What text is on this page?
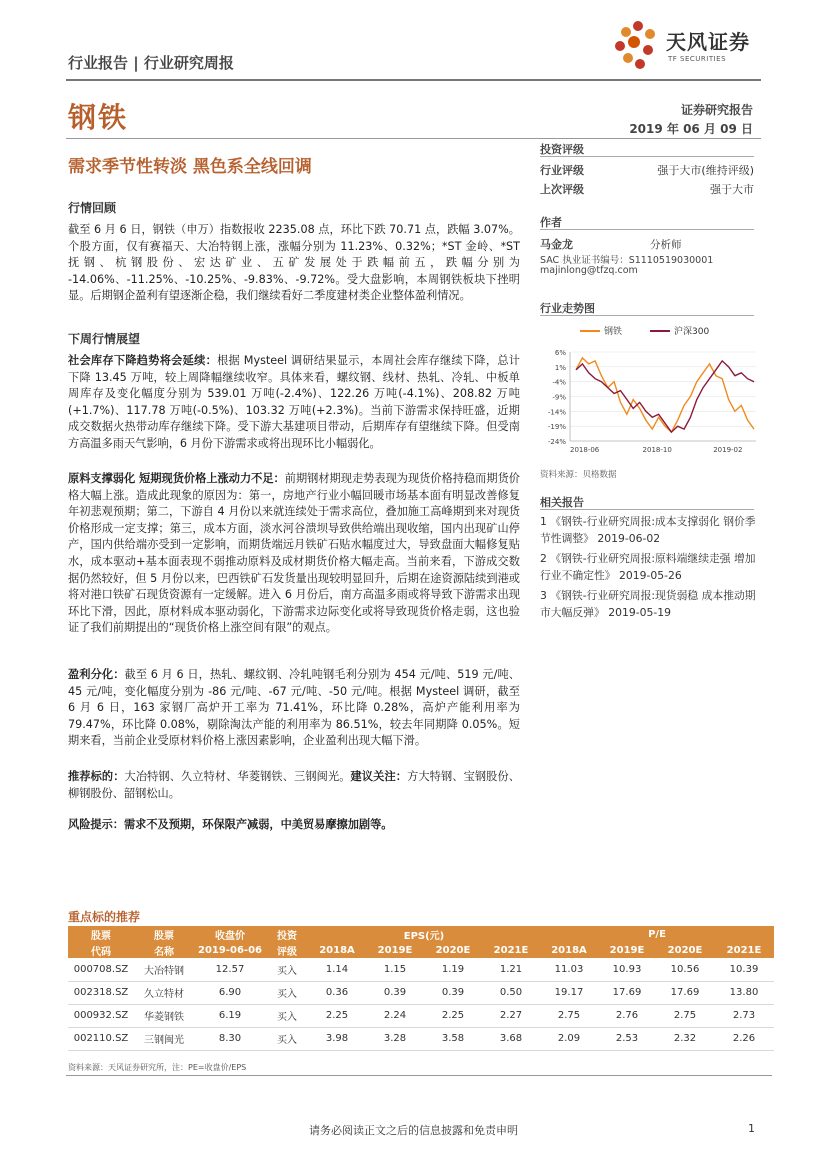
行业报告 | 行业研究周报
天风证券
TF SECURITIES
钢铁	证券研究报告
2019 年 06 月 09 日
需求季节性转淡 黑色系全线回调
行情回顾
截至 6 月 6 日，钢铁（申万）指数报收 2235.08 点，环比下跌 70.71 点，跌幅 3.07%。个股方面，仅有赛福天、大冶特钢上涨，涨幅分别为 11.23%、0.32%；*ST 金岭、*ST 抚钢、杭钢股份、宏达矿业、五矿发展处于跌幅前五，跌幅分别为 -14.06%、-11.25%、-10.25%、-9.83%、-9.72%。受大盘影响，本周钢铁板块下挫明显。后期钢企盈利有望逐渐企稳，我们继续看好二季度建材类企业整体盈利情况。
下周行情展望
社会库存下降趋势将会延续：根据 Mysteel 调研结果显示，本周社会库存继续下降，总计下降 13.45 万吨，较上周降幅继续收窄。具体来看，螺纹钢、线材、热轧、冷轧、中板单周库存及变化幅度分别为 539.01 万吨(-2.4%)、122.26 万吨(-4.1%)、208.82 万吨(+1.7%)、117.78 万吨(-0.5%)、103.32 万吨(+2.3%)。当前下游需求保持旺盛，近期成交数据火热带动库存继续下降。受下游大基建项目带动，后期库存有望继续下降。但受南方高温多雨天气影响，6 月份下游需求或将出现环比小幅弱化。
原料支撑弱化 短期现货价格上涨动力不足：前期钢材期现走势表现为现货价格持稳而期货价格大幅上涨。造成此现象的原因为：第一，房地产行业小幅回暖市场基本面有明显改善修复年初悲观预期；第二，下游自 4 月份以来就连续处于需求高位，叠加施工高峰期到来对现货价格形成一定支撑；第三，成本方面，淡水河谷溃坝导致供给端出现收缩，国内出现矿山停产，国内供给端亦受到一定影响，而期货端远月铁矿石贴水幅度过大，导致盘面大幅修复贴水，成本驱动+基本面表现不弱推动原料及成材期货价格大幅走高。当前来看，下游成交数据仍然较好，但 5 月份以来，巴西铁矿石发货量出现较明显回升，后期在途资源陆续到港或将对港口铁矿石现货资源有一定缓解。进入 6 月份后，南方高温多雨或将导致下游需求出现环比下滑，因此，原材料成本驱动弱化，下游需求边际变化或将导致现货价格走弱，这也验证了我们前期提出的“现货价格上涨空间有限”的观点。
盈利分化：截至 6 月 6 日，热轧、螺纹钢、冷轧吨钢毛利分别为 454 元/吨、519 元/吨、45 元/吨，变化幅度分别为 -86 元/吨、-67 元/吨、-50 元/吨。根据 Mysteel 调研，截至 6 月 6 日，163 家钢厂高炉开工率为 71.41%，环比降 0.28%，高炉产能利用率为 79.47%，环比降 0.08%，剔除淘汰产能的利用率为 86.51%，较去年同期降 0.05%。短期来看，当前企业受原材料价格上涨因素影响，企业盈利出现大幅下滑。
推荐标的：大冶特钢、久立特材、华菱钢铁、三钢闽光。建议关注：方大特钢、宝钢股份、柳钢股份、韶钢松山。
风险提示：需求不及预期，环保限产减弱，中美贸易摩擦加剧等。
投资评级
行业评级	强于大市(维持评级)
上次评级	强于大市
作者
马金龙	分析师
SAC 执业证书编号：S1110519030001
majinlong@tfzq.com
行业走势图
钢铁	沪深300
6%
1%
-4%
-9%
-14%
-19%
-24%
2018-06	2018-10	2019-02
资料来源：贝格数据
相关报告

1 《钢铁-行业研究周报:成本支撑弱化 钢价季节性调整》 2019-06-02

2 《钢铁-行业研究周报:原料端继续走强 增加行业不确定性》 2019-05-26

3 《钢铁-行业研究周报:现货弱稳 成本推动期市大幅反弹》 2019-05-19

重点标的推荐
股票	股票	收盘价	投资	EPS(元)				P/E			
代码	名称	2019-06-06	评级	2018A	2019E	2020E	2021E	2018A	2019E	2020E	2021E
000708.SZ	大冶特钢	12.57	买入	1.14	1.15	1.19	1.21	11.03	10.93	10.56	10.39
002318.SZ	久立特材	6.90	买入	0.36	0.39	0.39	0.50	19.17	17.69	17.69	13.80
000932.SZ	华菱钢铁	6.19	买入	2.25	2.24	2.25	2.27	2.75	2.76	2.75	2.73
002110.SZ	三钢闽光	8.30	买入	3.98	3.28	3.58	3.68	2.09	2.53	2.32	2.26
资料来源：天风证券研究所，注：PE=收盘价/EPS
请务必阅读正文之后的信息披露和免责申明	1
